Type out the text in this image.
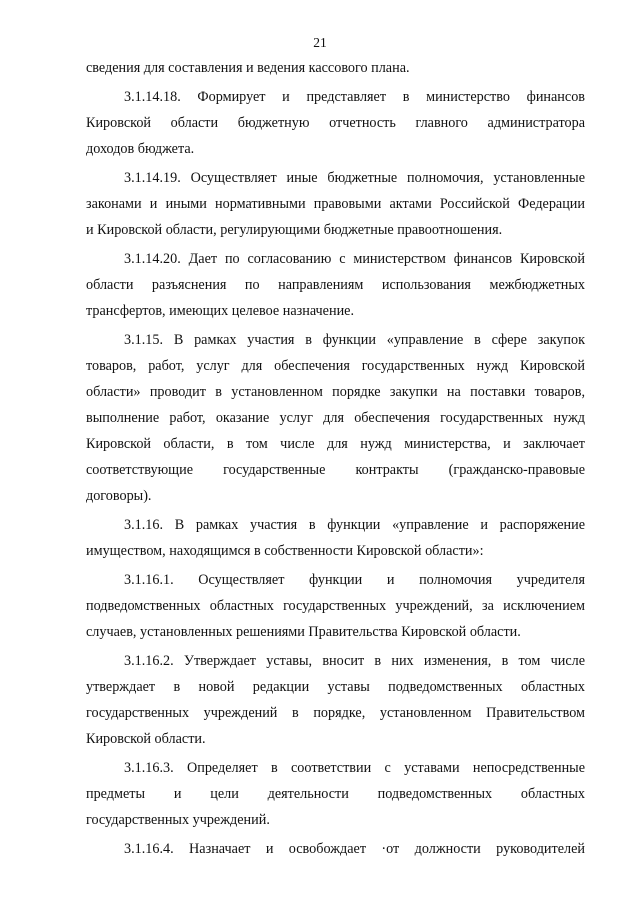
21
сведения для составления и ведения кассового плана.
3.1.14.18. Формирует и представляет в министерство финансов
Кировской области бюджетную отчетность главного администратора
доходов бюджета.
3.1.14.19. Осуществляет иные бюджетные полномочия, установленные
законами и иными нормативными правовыми актами Российской Федерации
и Кировской области, регулирующими бюджетные правоотношения.
3.1.14.20. Дает по согласованию с министерством финансов Кировской
области разъяснения по направлениям использования межбюджетных
трансфертов, имеющих целевое назначение.
3.1.15. В рамках участия в функции «управление в сфере закупок
товаров, работ, услуг для обеспечения государственных нужд Кировской
области» проводит в установленном порядке закупки на поставки товаров,
выполнение работ, оказание услуг для обеспечения государственных нужд
Кировской области, в том числе для нужд министерства, и заключает
соответствующие государственные контракты (гражданско-правовые
договоры).
3.1.16. В рамках участия в функции «управление и распоряжение
имуществом, находящимся в собственности Кировской области»:
3.1.16.1. Осуществляет функции и полномочия учредителя
подведомственных областных государственных учреждений, за исключением
случаев, установленных решениями Правительства Кировской области.
3.1.16.2. Утверждает уставы, вносит в них изменения, в том числе
утверждает в новой редакции уставы подведомственных областных
государственных учреждений в порядке, установленном Правительством
Кировской области.
3.1.16.3. Определяет в соответствии с уставами непосредственные
предметы и цели деятельности подведомственных областных
государственных учреждений.
3.1.16.4. Назначает и освобождает ·от должности руководителей
